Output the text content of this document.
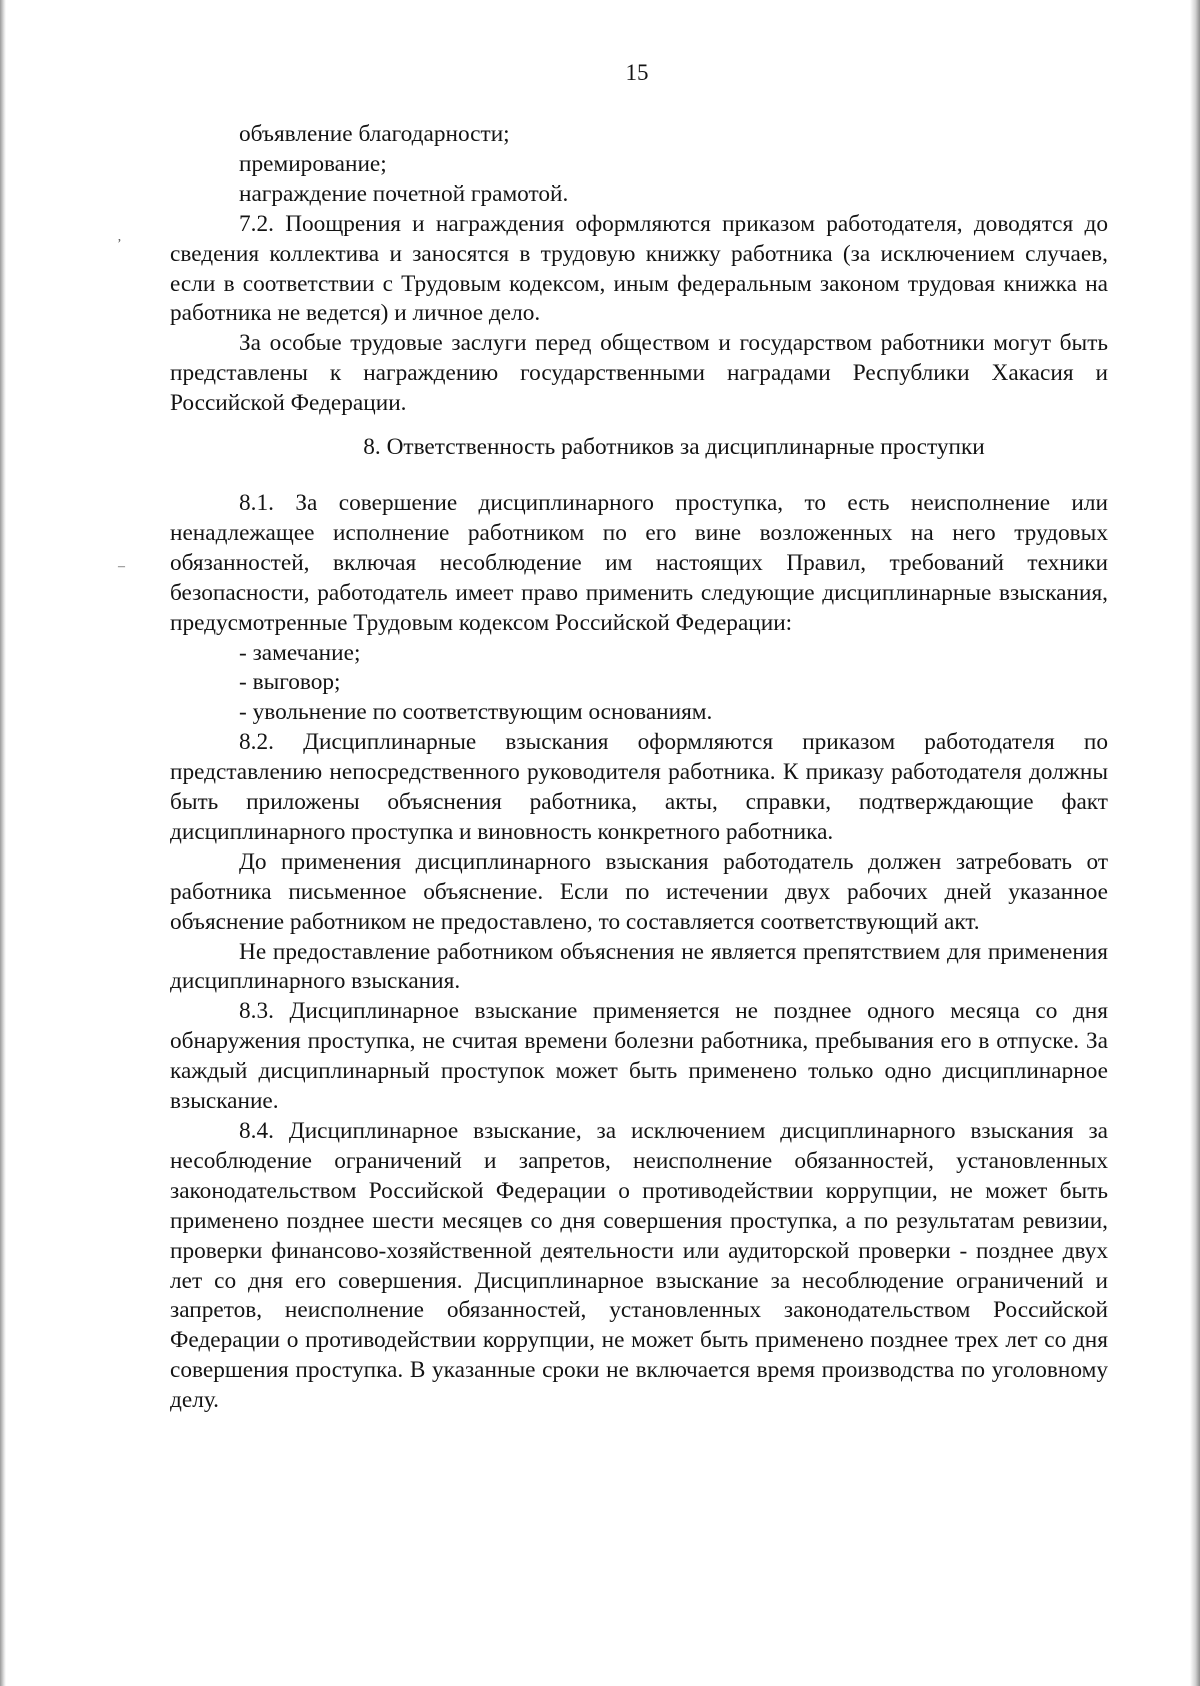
’
–
15

объявление благодарности;

премирование;

награждение почетной грамотой.

7.2. Поощрения и награждения оформляются приказом работодателя, доводятся до сведения коллектива и заносятся в трудовую книжку работника (за исключением случаев, если в соответствии с Трудовым кодексом, иным федеральным законом трудовая книжка на работника не ведется) и личное дело.

За особые трудовые заслуги перед обществом и государством работники могут быть представлены к награждению государственными наградами Республики Хакасия и Российской Федерации.

8. Ответственность работников за дисциплинарные проступки

8.1. За совершение дисциплинарного проступка, то есть неисполнение или ненадлежащее исполнение работником по его вине возложенных на него трудовых обязанностей, включая несоблюдение им настоящих Правил, требований техники безопасности, работодатель имеет право применить следующие дисциплинарные взыскания, предусмотренные Трудовым кодексом Российской Федерации:

- замечание;

- выговор;

- увольнение по соответствующим основаниям.

8.2. Дисциплинарные взыскания оформляются приказом работодателя по представлению непосредственного руководителя работника. К приказу работодателя должны быть приложены объяснения работника, акты, справки, подтверждающие факт дисциплинарного проступка и виновность конкретного работника.

До применения дисциплинарного взыскания работодатель должен затребовать от работника письменное объяснение. Если по истечении двух рабочих дней указанное объяснение работником не предоставлено, то составляется соответствующий акт.

Не предоставление работником объяснения не является препятствием для применения дисциплинарного взыскания.

8.3. Дисциплинарное взыскание применяется не позднее одного месяца со дня обнаружения проступка, не считая времени болезни работника, пребывания его в отпуске. За каждый дисциплинарный проступок может быть применено только одно дисциплинарное взыскание.

8.4. Дисциплинарное взыскание, за исключением дисциплинарного взыскания за несоблюдение ограничений и запретов, неисполнение обязанностей, установленных законодательством Российской Федерации о противодействии коррупции, не может быть применено позднее шести месяцев со дня совершения проступка, а по результатам ревизии, проверки финансово-хозяйственной деятельности или аудиторской проверки - позднее двух лет со дня его совершения. Дисциплинарное взыскание за несоблюдение ограничений и запретов, неисполнение обязанностей, установленных законодательством Российской Федерации о противодействии коррупции, не может быть применено позднее трех лет со дня совершения проступка. В указанные сроки не включается время производства по уголовному делу.
